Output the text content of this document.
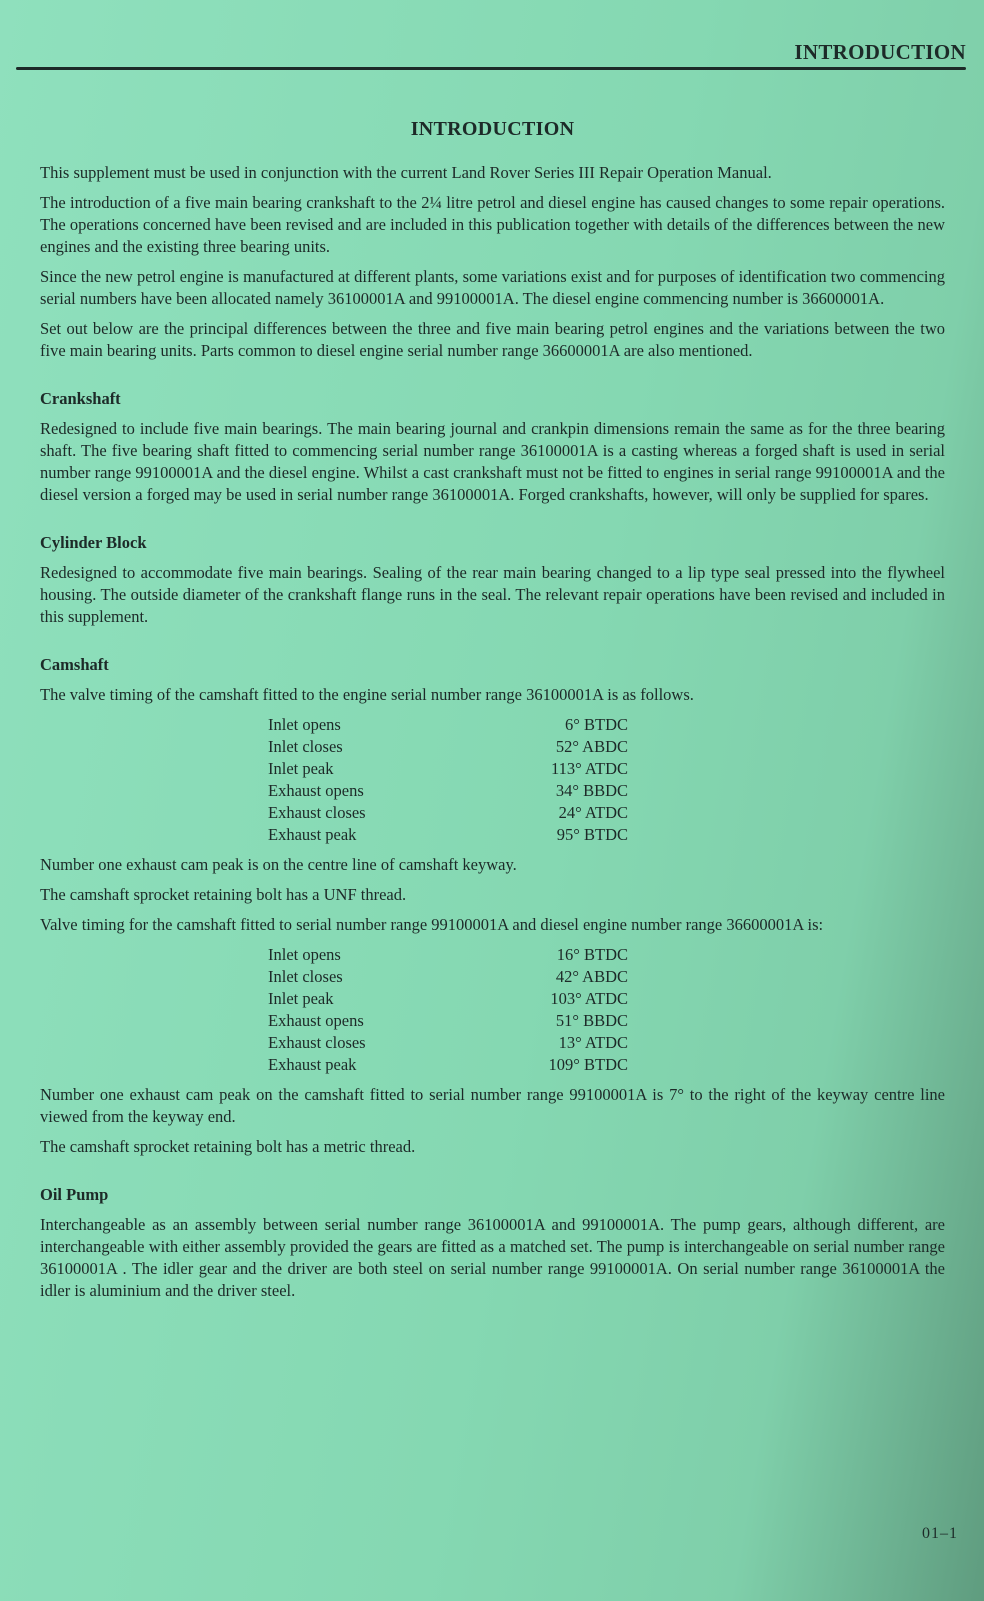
INTRODUCTION
INTRODUCTION

This supplement must be used in conjunction with the current Land Rover Series III Repair Operation Manual.

The introduction of a five main bearing crankshaft to the 2¼ litre petrol and diesel engine has caused changes to some repair operations. The operations concerned have been revised and are included in this publication together with details of the differences between the new engines and the existing three bearing units.

Since the new petrol engine is manufactured at different plants, some variations exist and for purposes of identification two commencing serial numbers have been allocated namely 36100001A and 99100001A. The diesel engine commencing number is 36600001A.

Set out below are the principal differences between the three and five main bearing petrol engines and the variations between the two five main bearing units. Parts common to diesel engine serial number range 36600001A are also mentioned.

Crankshaft

Redesigned to include five main bearings. The main bearing journal and crankpin dimensions remain the same as for the three bearing shaft. The five bearing shaft fitted to commencing serial number range 36100001A is a casting whereas a forged shaft is used in serial number range 99100001A and the diesel engine. Whilst a cast crankshaft must not be fitted to engines in serial range 99100001A and the diesel version a forged may be used in serial number range 36100001A. Forged crankshafts, however, will only be supplied for spares.

Cylinder Block

Redesigned to accommodate five main bearings. Sealing of the rear main bearing changed to a lip type seal pressed into the flywheel housing. The outside diameter of the crankshaft flange runs in the seal. The relevant repair operations have been revised and included in this supplement.

Camshaft

The valve timing of the camshaft fitted to the engine serial number range 36100001A is as follows.

Inlet opens	6° BTDC
Inlet closes	52° ABDC
Inlet peak	113° ATDC
Exhaust opens	34° BBDC
Exhaust closes	24° ATDC
Exhaust peak	95° BTDC

Number one exhaust cam peak is on the centre line of camshaft keyway.

The camshaft sprocket retaining bolt has a UNF thread.

Valve timing for the camshaft fitted to serial number range 99100001A and diesel engine number range 36600001A is:

Inlet opens	16° BTDC
Inlet closes	42° ABDC
Inlet peak	103° ATDC
Exhaust opens	51° BBDC
Exhaust closes	13° ATDC
Exhaust peak	109° BTDC

Number one exhaust cam peak on the camshaft fitted to serial number range 99100001A is 7° to the right of the keyway centre line viewed from the keyway end.

The camshaft sprocket retaining bolt has a metric thread.

Oil Pump

Interchangeable as an assembly between serial number range 36100001A and 99100001A. The pump gears, although different, are interchangeable with either assembly provided the gears are fitted as a matched set. The pump is interchangeable on serial number range 36100001A . The idler gear and the driver are both steel on serial number range 99100001A. On serial number range 36100001A the idler is aluminium and the driver steel.

01–1
